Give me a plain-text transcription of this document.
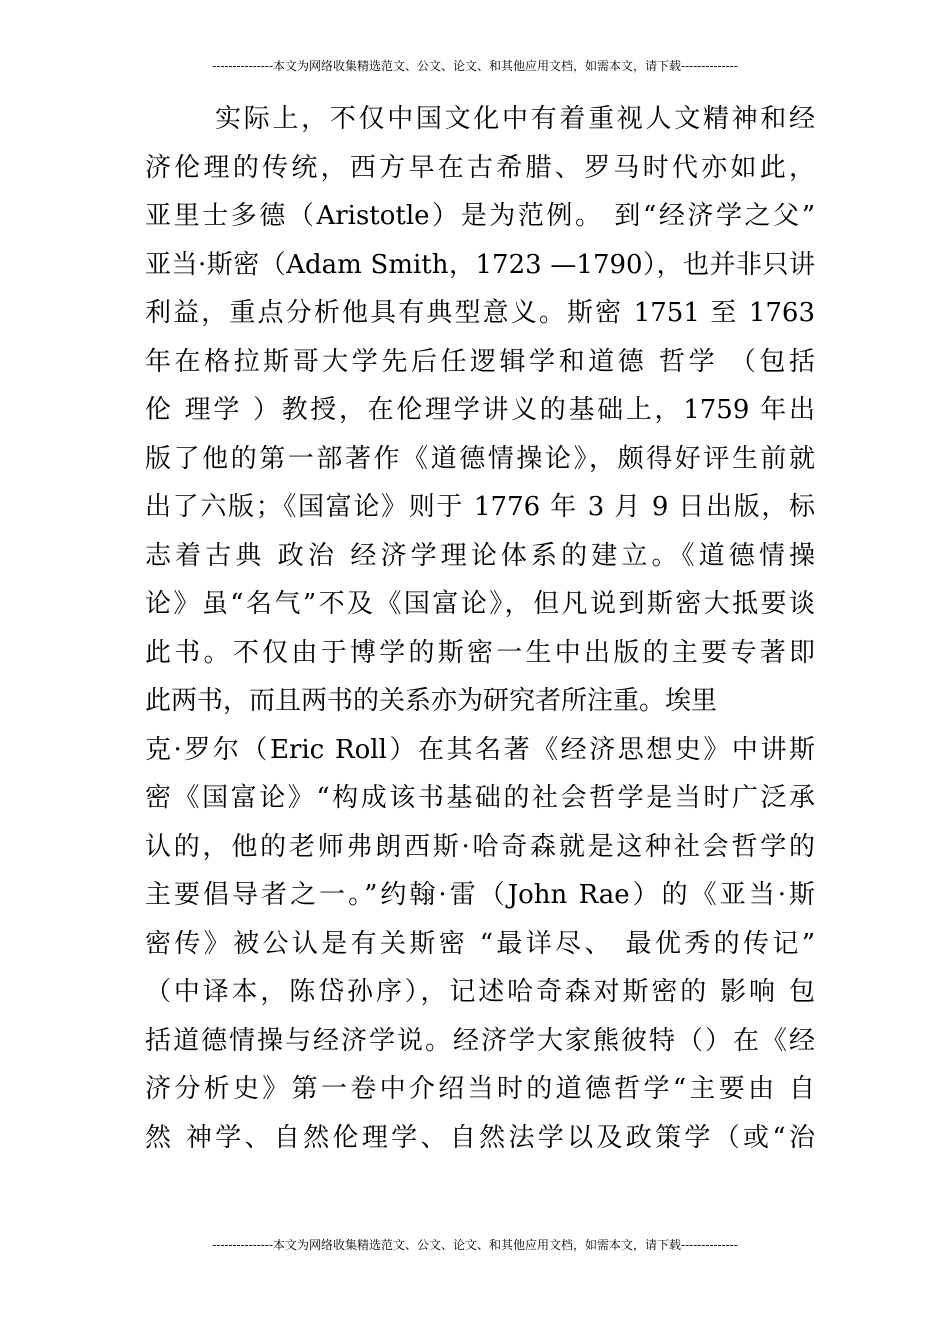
---------------本文为网络收集精选范文、公文、论文、和其他应用文档，如需本文，请下载--------------
实际上，不仅中国文化中有着重视人文精神和经
济伦理的传统，西方早在古希腊、罗马时代亦如此，
亚里士多德（Aristotle）是为范例。 到“经济学之父”
亚当·斯密（Adam Smith，1723 —1790），也并非只讲
利益，重点分析他具有典型意义。斯密 1751 至 1763
年在格拉斯哥大学先后任逻辑学和道德 哲学 （包括
伦 理学 ）教授，在伦理学讲义的基础上，1759 年出
版了他的第一部著作《道德情操论》，颇得好评生前就
出了六版；《国富论》则于 1776 年 3 月 9 日出版，标
志着古典 政治 经济学理论体系的建立。《道德情操
论》虽“名气”不及《国富论》，但凡说到斯密大抵要谈
此书。不仅由于博学的斯密一生中出版的主要专著即
此两书，而且两书的关系亦为研究者所注重。埃里
克·罗尔（Eric Roll）在其名著《经济思想史》中讲斯
密《国富论》“构成该书基础的社会哲学是当时广泛承
认的，他的老师弗朗西斯·哈奇森就是这种社会哲学的
主要倡导者之一。”约翰·雷（John Rae）的《亚当·斯
密传》被公认是有关斯密 “最详尽、 最优秀的传记”
（中译本，陈岱孙序），记述哈奇森对斯密的 影响 包
括道德情操与经济学说。经济学大家熊彼特（）在《经
济分析史》第一卷中介绍当时的道德哲学“主要由 自
然 神学、自然伦理学、自然法学以及政策学（或“治
---------------本文为网络收集精选范文、公文、论文、和其他应用文档，如需本文，请下载--------------
